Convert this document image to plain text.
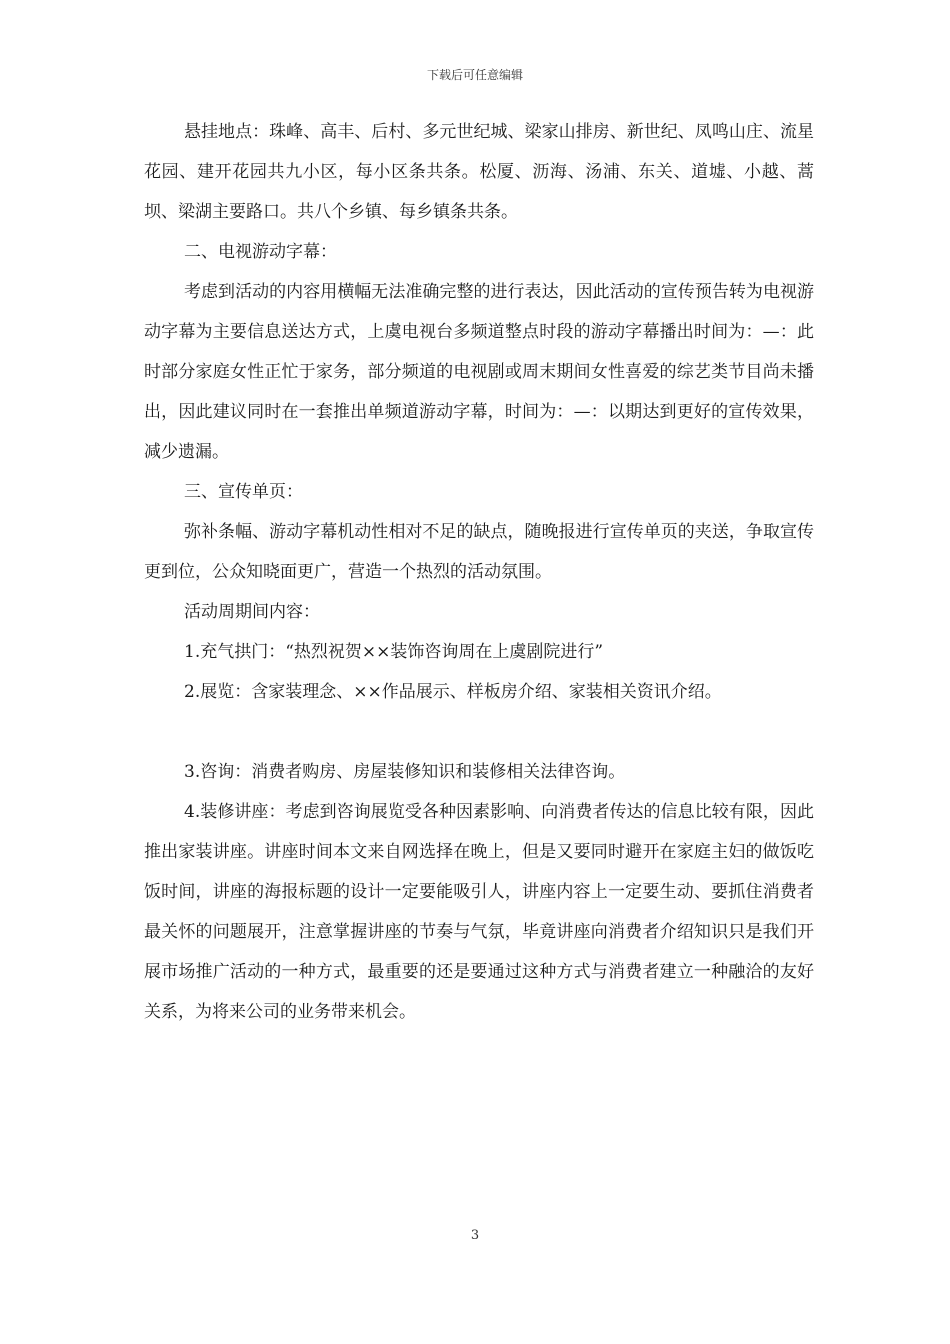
下载后可任意编辑

悬挂地点：珠峰、高丰、后村、多元世纪城、梁家山排房、新世纪、凤鸣山庄、流星花园、建开花园共九小区，每小区条共条。松厦、沥海、汤浦、东关、道墟、小越、蒿坝、梁湖主要路口。共八个乡镇、每乡镇条共条。

二、电视游动字幕：

考虑到活动的内容用横幅无法准确完整的进行表达，因此活动的宣传预告转为电视游动字幕为主要信息送达方式，上虞电视台多频道整点时段的游动字幕播出时间为：—：此时部分家庭女性正忙于家务，部分频道的电视剧或周末期间女性喜爱的综艺类节目尚未播出，因此建议同时在一套推出单频道游动字幕，时间为：—：以期达到更好的宣传效果，减少遗漏。

三、宣传单页：

弥补条幅、游动字幕机动性相对不足的缺点，随晚报进行宣传单页的夹送，争取宣传更到位，公众知晓面更广，营造一个热烈的活动氛围。

活动周期间内容：

1.充气拱门：“热烈祝贺××装饰咨询周在上虞剧院进行”

2.展览：含家装理念、××作品展示、样板房介绍、家装相关资讯介绍。

3.咨询：消费者购房、房屋装修知识和装修相关法律咨询。

4.装修讲座：考虑到咨询展览受各种因素影响、向消费者传达的信息比较有限，因此推出家装讲座。讲座时间本文来自网选择在晚上，但是又要同时避开在家庭主妇的做饭吃饭时间，讲座的海报标题的设计一定要能吸引人，讲座内容上一定要生动、要抓住消费者最关怀的问题展开，注意掌握讲座的节奏与气氛，毕竟讲座向消费者介绍知识只是我们开展市场推广活动的一种方式，最重要的还是要通过这种方式与消费者建立一种融洽的友好关系，为将来公司的业务带来机会。

3
